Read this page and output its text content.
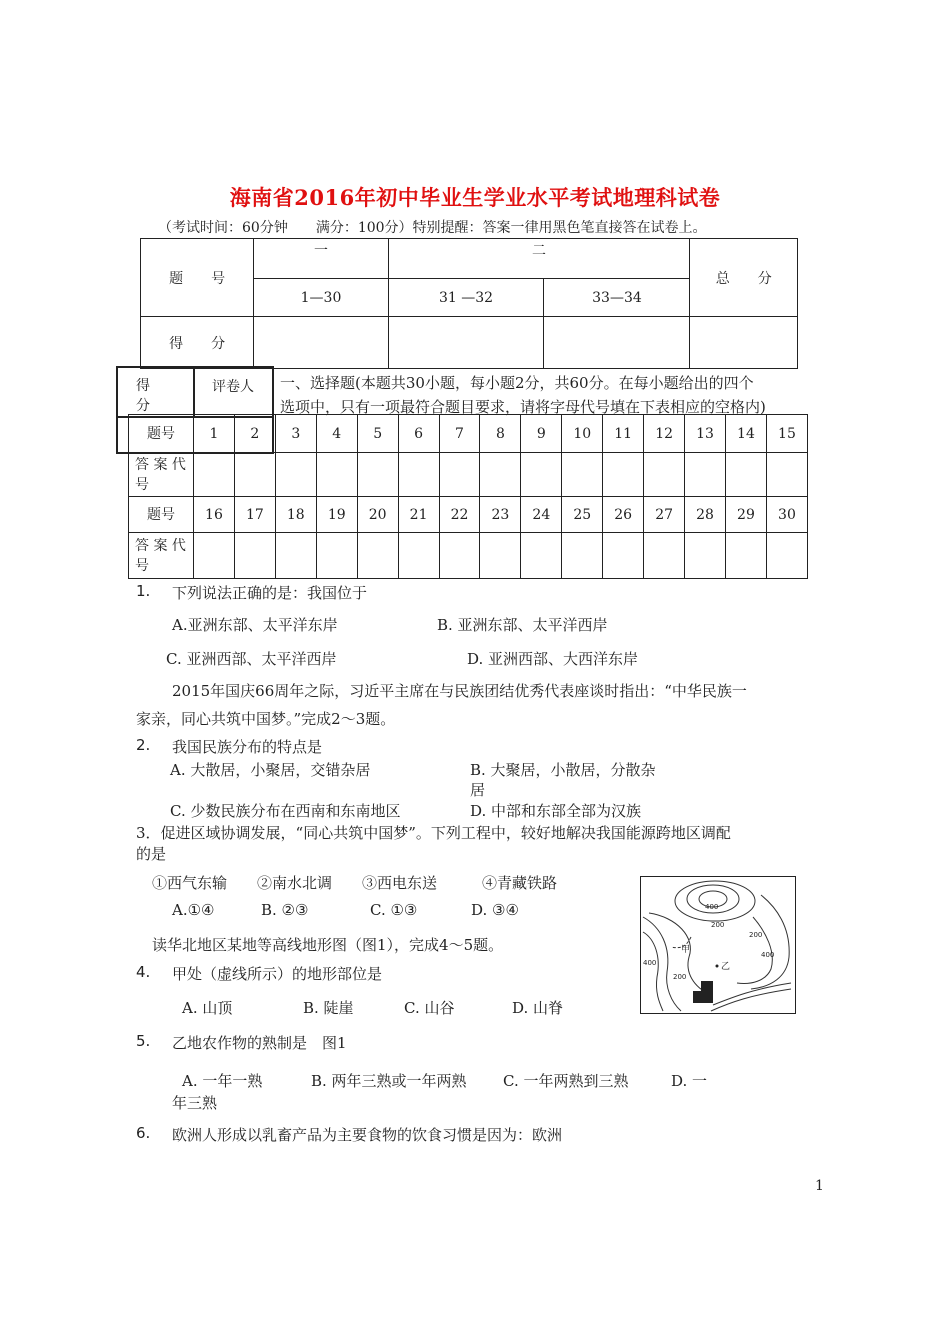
海南省2016年初中毕业生学业水平考试地理科试卷
（考试时间：60分钟　　满分：100分）特别提醒：答案一律用黑色笔直接答在试卷上。
题　　号	一	二		总　　分
	1—30	31 —32	33—34	
得　　分				
题号	1	2	3	4	5	6	7	8	9	10	11	12	13	14	15
答 案 代
号															
题号	16	17	18	19	20	21	22	23	24	25	26	27	28	29	30
答 案 代
号															
得
分
评卷人 一、选择题(本题共30小题，每小题2分，共60分。在每小题给出的四个
选项中，只有一项最符合题目要求，请将字母代号填在下表相应的空格内)
1. 下列说法正确的是：我国位于
A.亚洲东部、太平洋东岸	B. 亚洲东部、太平洋西岸
C. 亚洲西部、太平洋西岸	D. 亚洲西部、大西洋东岸
2015年国庆66周年之际，习近平主席在与民族团结优秀代表座谈时指出：“中华民族一
家亲，同心共筑中国梦。”完成2～3题。
2. 我国民族分布的特点是
A. 大散居，小聚居，交错杂居	B. 大聚居，小散居，分散杂
居
C. 少数民族分布在西南和东南地区	D. 中部和东部全部为汉族
3．促进区域协调发展，“同心共筑中国梦”。下列工程中，较好地解决我国能源跨地区调配
的是
①西气东输　　②南水北调　　③西电东送　　　④青藏铁路
A.①④	B. ②③	C. ①③	D. ③④
读华北地区某地等高线地形图（图1），完成4～5题。
4. 甲处（虚线所示）的地形部位是
A. 山顶	B. 陡崖	C. 山谷	D. 山脊
5. 乙地农作物的熟制是　图1
A. 一年一熟	B. 两年三熟或一年两熟 C. 一年两熟到三熟	D. 一
年三熟
6. 欧洲人形成以乳畜产品为主要食物的饮食习惯是因为：欧洲
400
200
200
400
200
甲
乙
400
1
